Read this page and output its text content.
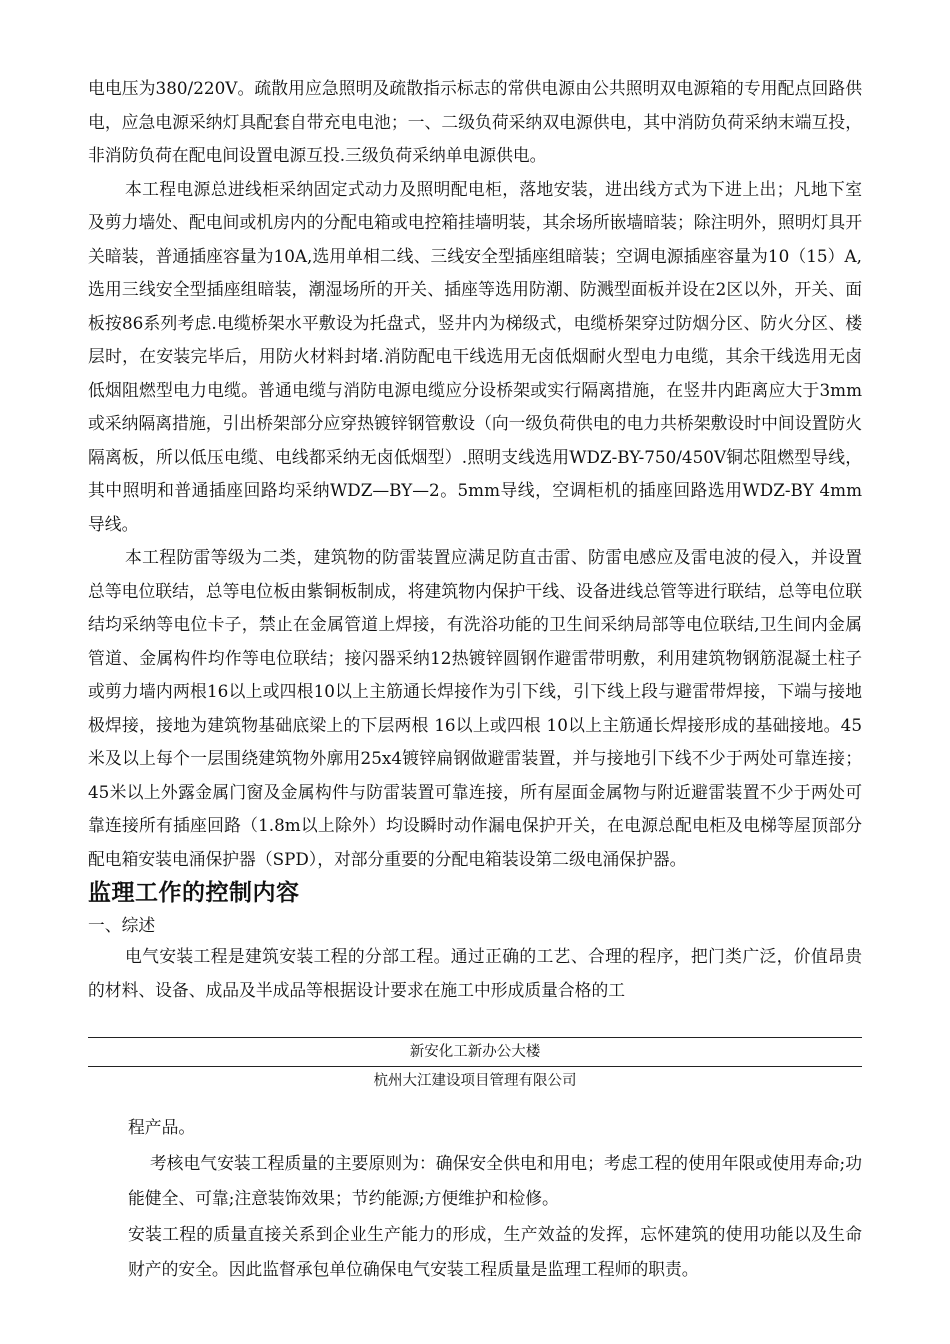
电电压为380/220V。疏散用应急照明及疏散指示标志的常供电源由公共照明双电源箱的专用配点回路供电，应急电源采纳灯具配套自带充电电池；一、二级负荷采纳双电源供电，其中消防负荷采纳末端互投，非消防负荷在配电间设置电源互投.三级负荷采纳单电源供电。

本工程电源总进线柜采纳固定式动力及照明配电柜，落地安装，进出线方式为下进上出；凡地下室及剪力墙处、配电间或机房内的分配电箱或电控箱挂墙明装，其余场所嵌墙暗装；除注明外，照明灯具开关暗装，普通插座容量为10A,选用单相二线、三线安全型插座组暗装；空调电源插座容量为10（15）A,选用三线安全型插座组暗装，潮湿场所的开关、插座等选用防潮、防溅型面板并设在2区以外，开关、面板按86系列考虑.电缆桥架水平敷设为托盘式，竖井内为梯级式，电缆桥架穿过防烟分区、防火分区、楼层时，在安装完毕后，用防火材料封堵.消防配电干线选用无卤低烟耐火型电力电缆，其余干线选用无卤低烟阻燃型电力电缆。普通电缆与消防电源电缆应分设桥架或实行隔离措施，在竖井内距离应大于3mm或采纳隔离措施，引出桥架部分应穿热镀锌钢管敷设（向一级负荷供电的电力共桥架敷设时中间设置防火隔离板，所以低压电缆、电线都采纳无卤低烟型）.照明支线选用WDZ-BY-750/450V铜芯阻燃型导线，其中照明和普通插座回路均采纳WDZ—BY—2。5mm导线，空调柜机的插座回路选用WDZ-BY 4mm导线。

本工程防雷等级为二类，建筑物的防雷装置应满足防直击雷、防雷电感应及雷电波的侵入，并设置总等电位联结，总等电位板由紫铜板制成，将建筑物内保护干线、设备进线总管等进行联结，总等电位联结均采纳等电位卡子，禁止在金属管道上焊接，有洗浴功能的卫生间采纳局部等电位联结,卫生间内金属管道、金属构件均作等电位联结；接闪器采纳12热镀锌圆钢作避雷带明敷，利用建筑物钢筋混凝土柱子或剪力墙内两根16以上或四根10以上主筋通长焊接作为引下线，引下线上段与避雷带焊接，下端与接地极焊接，接地为建筑物基础底梁上的下层两根 16以上或四根 10以上主筋通长焊接形成的基础接地。45米及以上每个一层围绕建筑物外廓用25x4镀锌扁钢做避雷装置，并与接地引下线不少于两处可靠连接；45米以上外露金属门窗及金属构件与防雷装置可靠连接，所有屋面金属物与附近避雷装置不少于两处可靠连接所有插座回路（1.8m以上除外）均设瞬时动作漏电保护开关，在电源总配电柜及电梯等屋顶部分配电箱安装电涌保护器（SPD），对部分重要的分配电箱装设第二级电涌保护器。

监理工作的控制内容

一、综述

电气安装工程是建筑安装工程的分部工程。通过正确的工艺、合理的程序，把门类广泛，价值昂贵的材料、设备、成品及半成品等根据设计要求在施工中形成质量合格的工

新安化工新办公大楼
杭州大江建设项目管理有限公司

程产品。

考核电气安装工程质量的主要原则为：确保安全供电和用电；考虑工程的使用年限或使用寿命;功能健全、可靠;注意装饰效果；节约能源;方便维护和检修。

安装工程的质量直接关系到企业生产能力的形成，生产效益的发挥，忘怀建筑的使用功能以及生命财产的安全。因此监督承包单位确保电气安装工程质量是监理工程师的职责。
